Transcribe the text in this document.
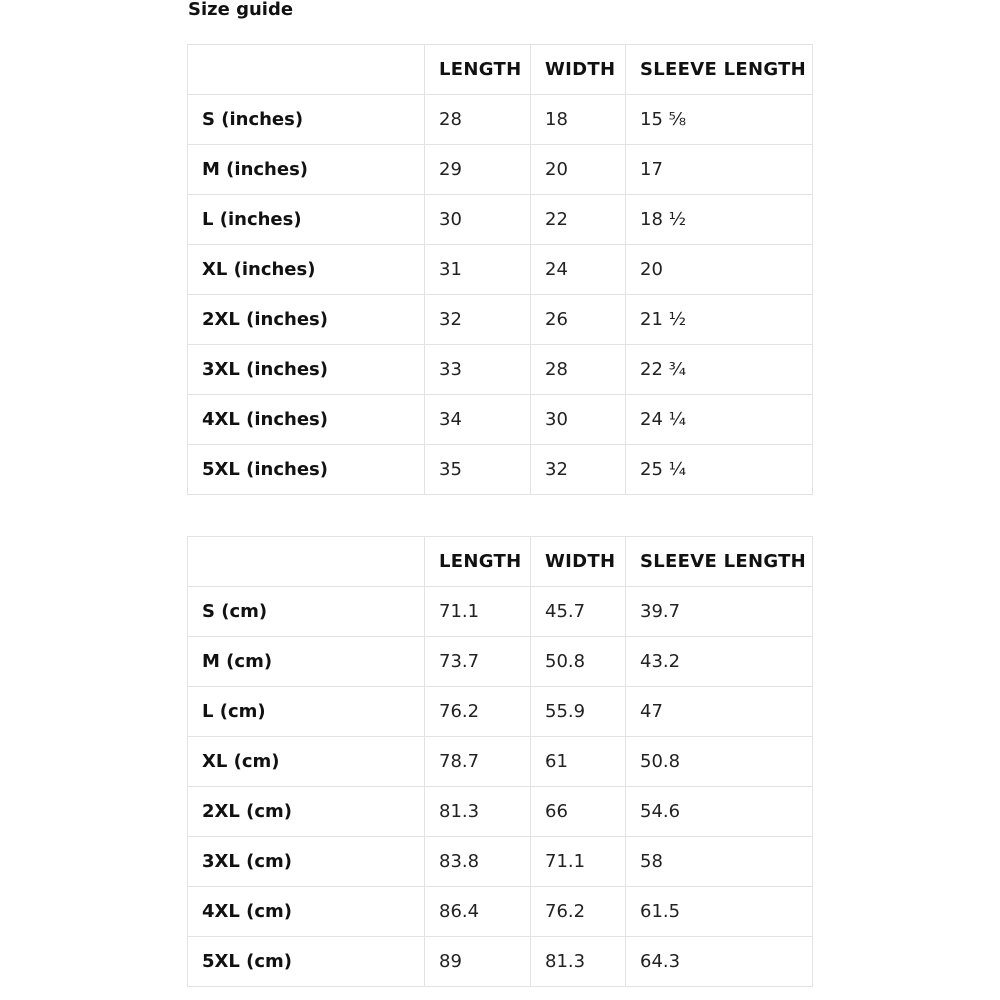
Size guide
	LENGTH	WIDTH	SLEEVE LENGTH
S (inches)	28	18	15 ⅝
M (inches)	29	20	17
L (inches)	30	22	18 ½
XL (inches)	31	24	20
2XL (inches)	32	26	21 ½
3XL (inches)	33	28	22 ¾
4XL (inches)	34	30	24 ¼
5XL (inches)	35	32	25 ¼
	LENGTH	WIDTH	SLEEVE LENGTH
S (cm)	71.1	45.7	39.7
M (cm)	73.7	50.8	43.2
L (cm)	76.2	55.9	47
XL (cm)	78.7	61	50.8
2XL (cm)	81.3	66	54.6
3XL (cm)	83.8	71.1	58
4XL (cm)	86.4	76.2	61.5
5XL (cm)	89	81.3	64.3
